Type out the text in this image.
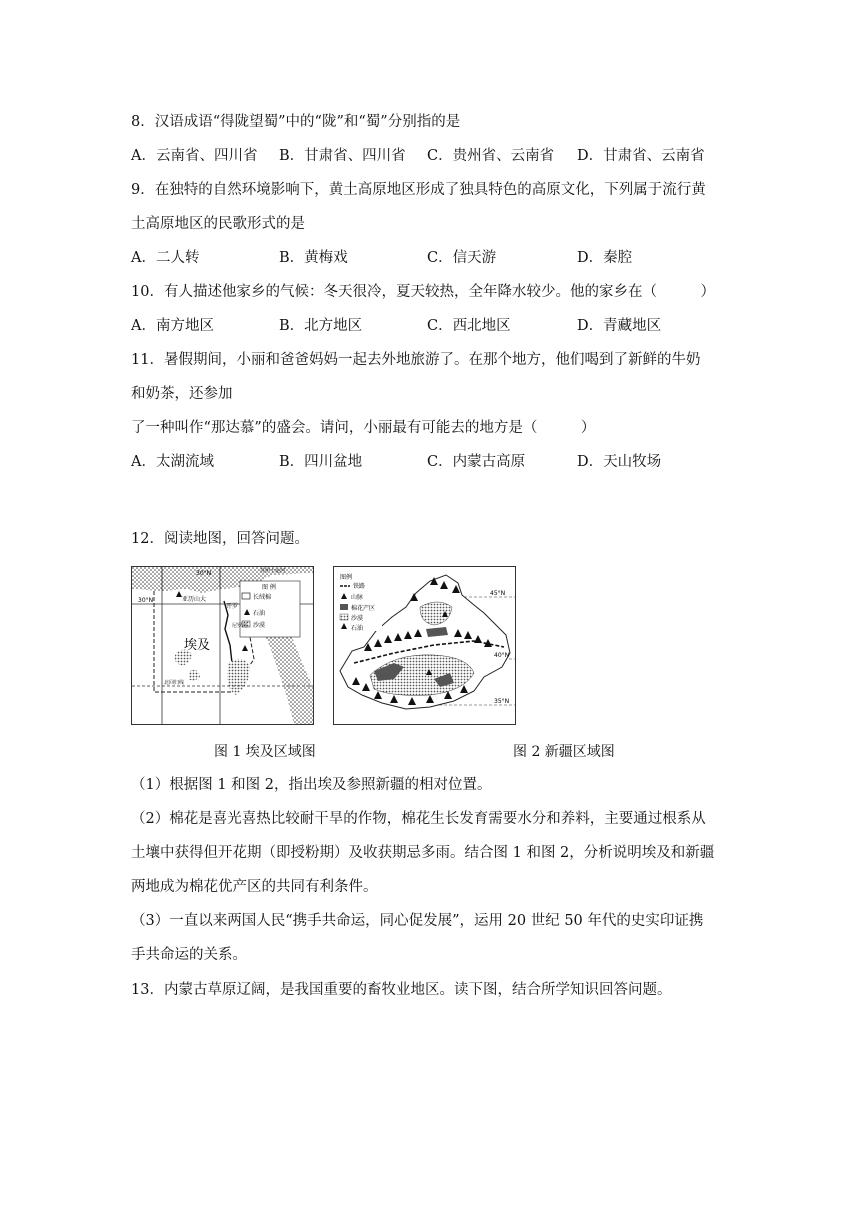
8．汉语成语“得陇望蜀”中的“陇”和“蜀”分别指的是
A．云南省、四川省 B．甘肃省、四川省 C．贵州省、云南省 D．甘肃省、云南省
9．在独特的自然环境影响下，黄土高原地区形成了独具特色的高原文化，下列属于流行黄
土高原地区的民歌形式的是
A．二人转	B．黄梅戏	C．信天游	D．秦腔
10．有人描述他家乡的气候：冬天很冷，夏天较热，全年降水较少。他的家乡在（　　　）
A．南方地区	B．北方地区	C．西北地区	D．青藏地区
11．暑假期间，小丽和爸爸妈妈一起去外地旅游了。在那个地方，他们喝到了新鲜的牛奶
和奶茶，还参加
了一种叫作“那达慕”的盛会。请问，小丽最有可能去的地方是（　　　）
A．太湖流域	B．四川盆地	C．内蒙古高原	D．天山牧场
12．阅读地图，回答问题。
30°N
30°N	苏伊士运河
亚历山大
开罗
尼罗河
埃及
北回归线
图 例
长绒棉
石油
沙漠
图例
铁路
山脉
棉花产区
沙漠
石油
45°N
40°N
35°N
图 1 埃及区域图	图 2 新疆区域图
（1）根据图 1 和图 2，指出埃及参照新疆的相对位置。
（2）棉花是喜光喜热比较耐干旱的作物，棉花生长发育需要水分和养料，主要通过根系从
土壤中获得但开花期（即授粉期）及收获期忌多雨。结合图 1 和图 2，分析说明埃及和新疆
两地成为棉花优产区的共同有利条件。
（3）一直以来两国人民“携手共命运，同心促发展”，运用 20 世纪 50 年代的史实印证携
手共命运的关系。
13．内蒙古草原辽阔，是我国重要的畜牧业地区。读下图，结合所学知识回答问题。
